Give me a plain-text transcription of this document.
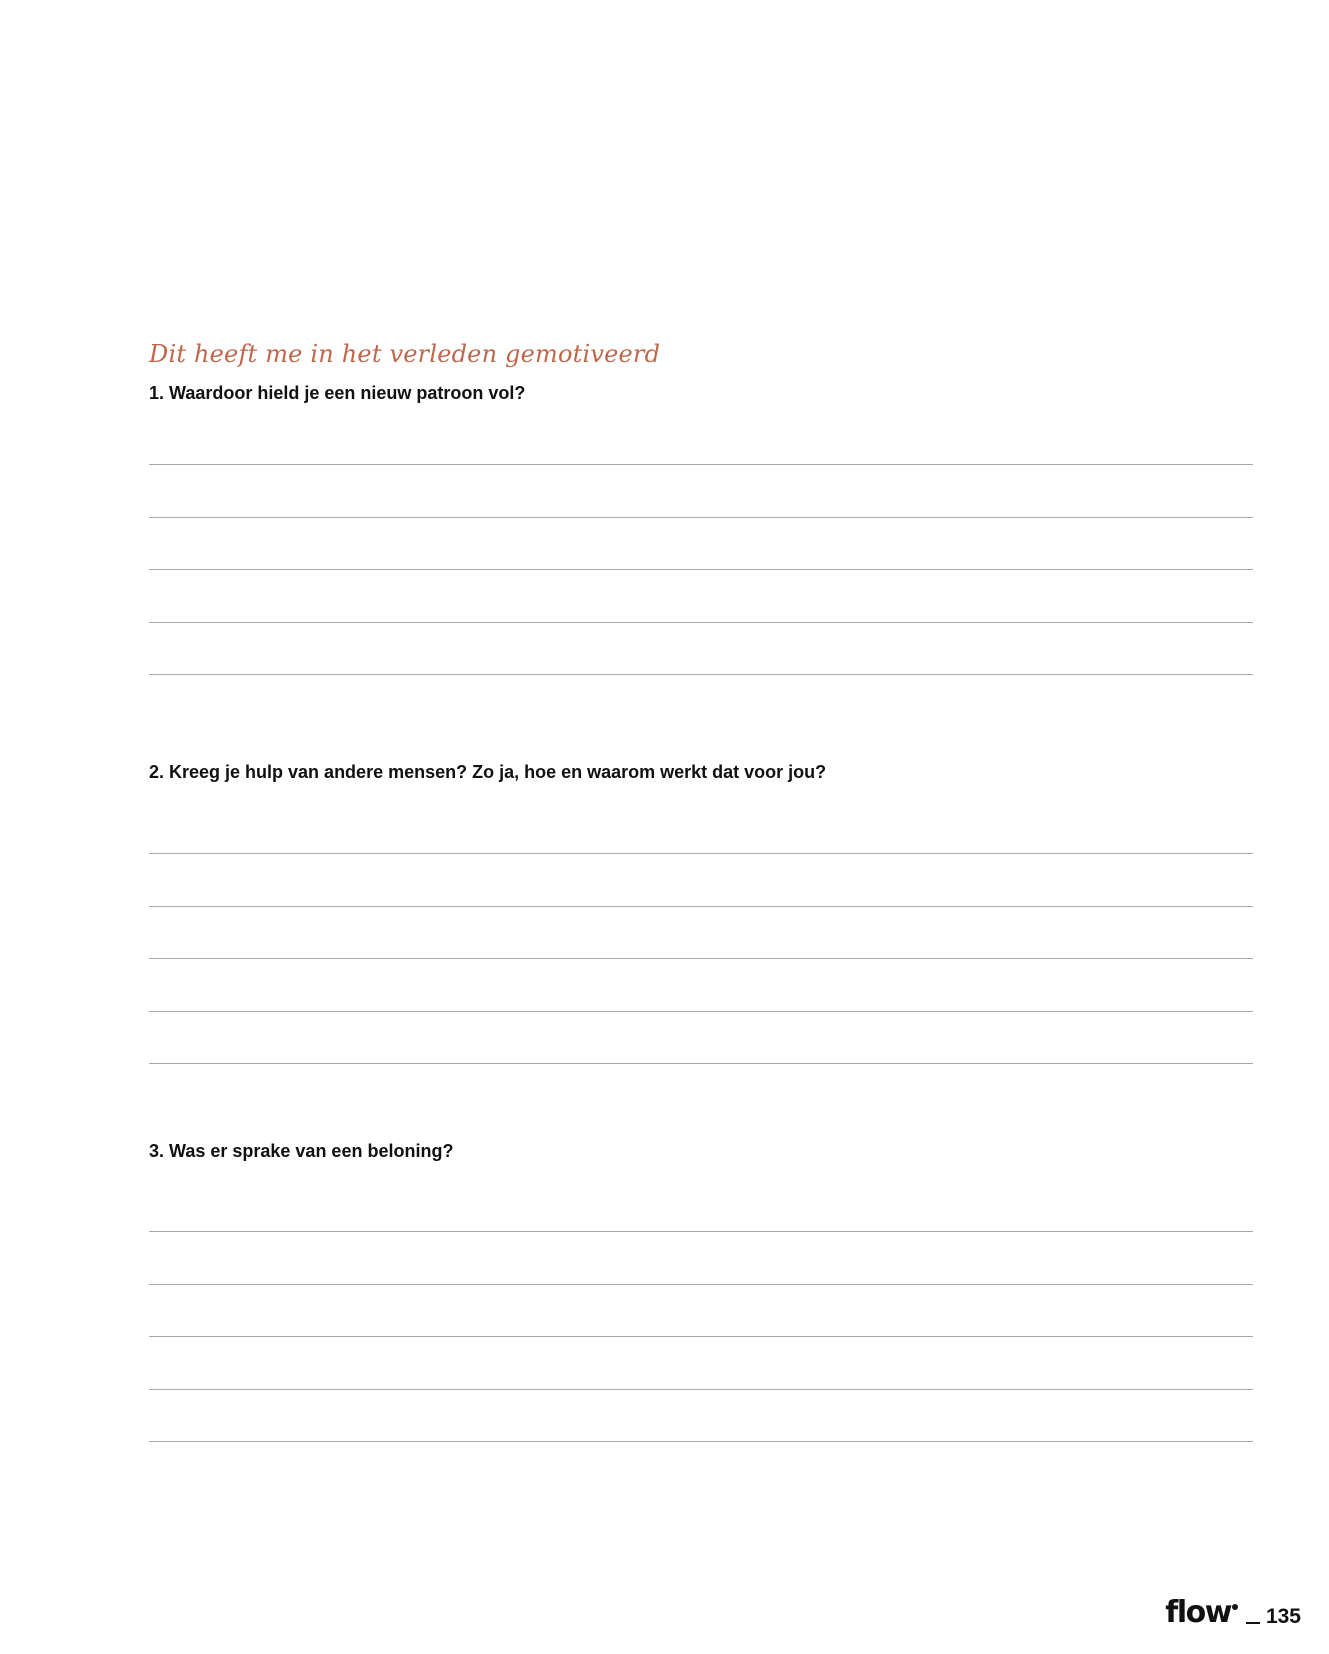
Dit heeft me in het verleden gemotiveerd

1. Waardoor hield je een nieuw patroon vol?

2. Kreeg je hulp van andere mensen? Zo ja, hoe en waarom werkt dat voor jou?

3. Was er sprake van een beloning?

flow 135
